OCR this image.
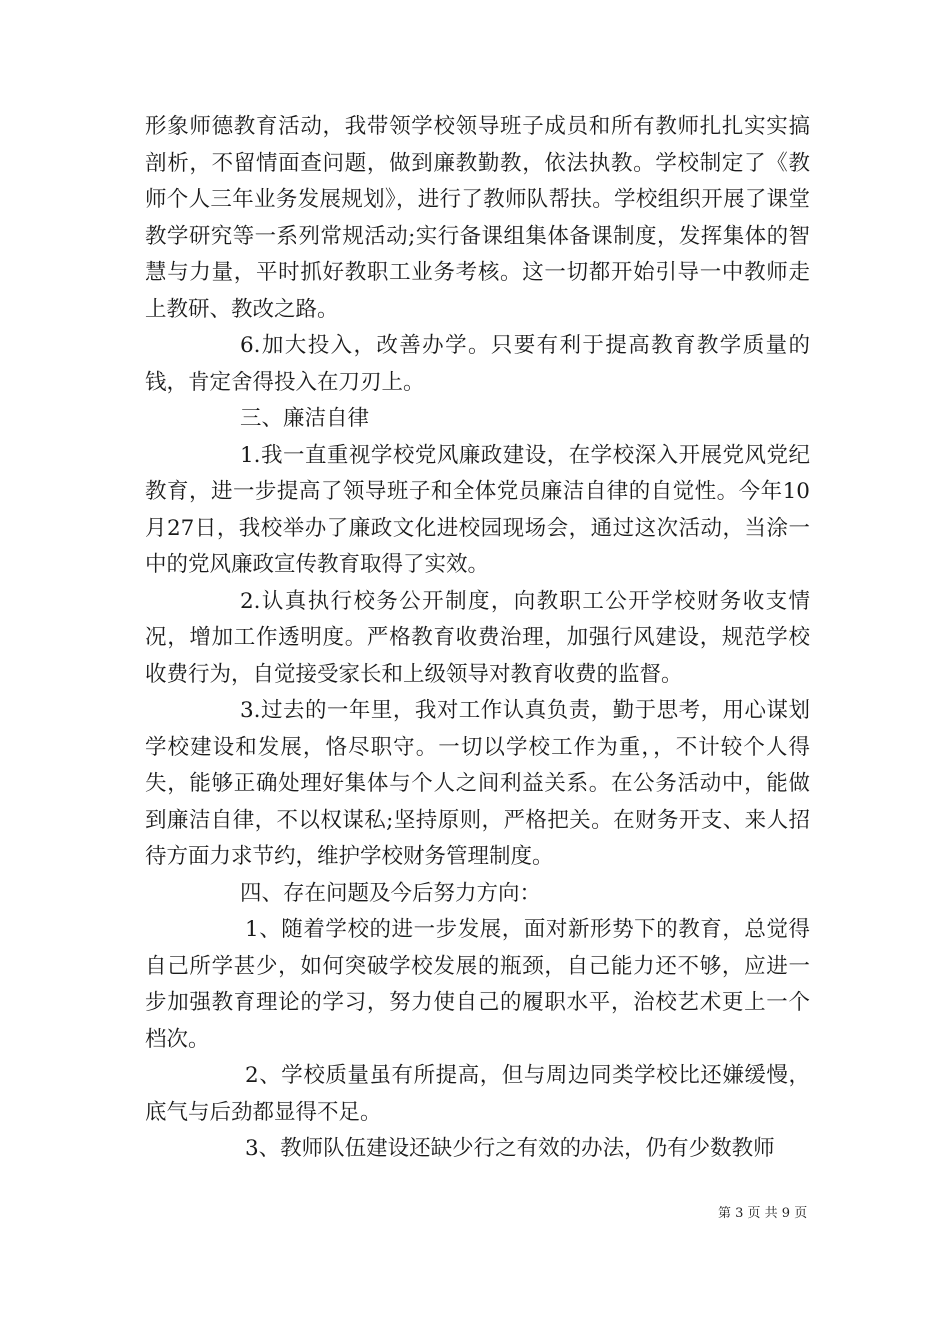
形象师德教育活动，我带领学校领导班子成员和所有教师扎扎实实搞剖析，不留情面查问题，做到廉教勤教，依法执教。学校制定了《教师个人三年业务发展规划》，进行了教师队帮扶。学校组织开展了课堂教学研究等一系列常规活动;实行备课组集体备课制度，发挥集体的智慧与力量，平时抓好教职工业务考核。这一切都开始引导一中教师走上教研、教改之路。

6.加大投入，改善办学。只要有利于提高教育教学质量的钱，肯定舍得投入在刀刃上。

三、廉洁自律

1.我一直重视学校党风廉政建设，在学校深入开展党风党纪教育，进一步提高了领导班子和全体党员廉洁自律的自觉性。今年10月27日，我校举办了廉政文化进校园现场会，通过这次活动，当涂一中的党风廉政宣传教育取得了实效。

2.认真执行校务公开制度，向教职工公开学校财务收支情况，增加工作透明度。严格教育收费治理，加强行风建设，规范学校收费行为，自觉接受家长和上级领导对教育收费的监督。

3.过去的一年里，我对工作认真负责，勤于思考，用心谋划学校建设和发展，恪尽职守。一切以学校工作为重，，不计较个人得失，能够正确处理好集体与个人之间利益关系。在公务活动中，能做到廉洁自律，不以权谋私;坚持原则，严格把关。在财务开支、来人招待方面力求节约，维护学校财务管理制度。

四、存在问题及今后努力方向：

1、随着学校的进一步发展，面对新形势下的教育，总觉得自己所学甚少，如何突破学校发展的瓶颈，自己能力还不够，应进一步加强教育理论的学习，努力使自己的履职水平，治校艺术更上一个档次。

2、学校质量虽有所提高，但与周边同类学校比还嫌缓慢，底气与后劲都显得不足。

3、教师队伍建设还缺少行之有效的办法，仍有少数教师

第 3 页 共 9 页
